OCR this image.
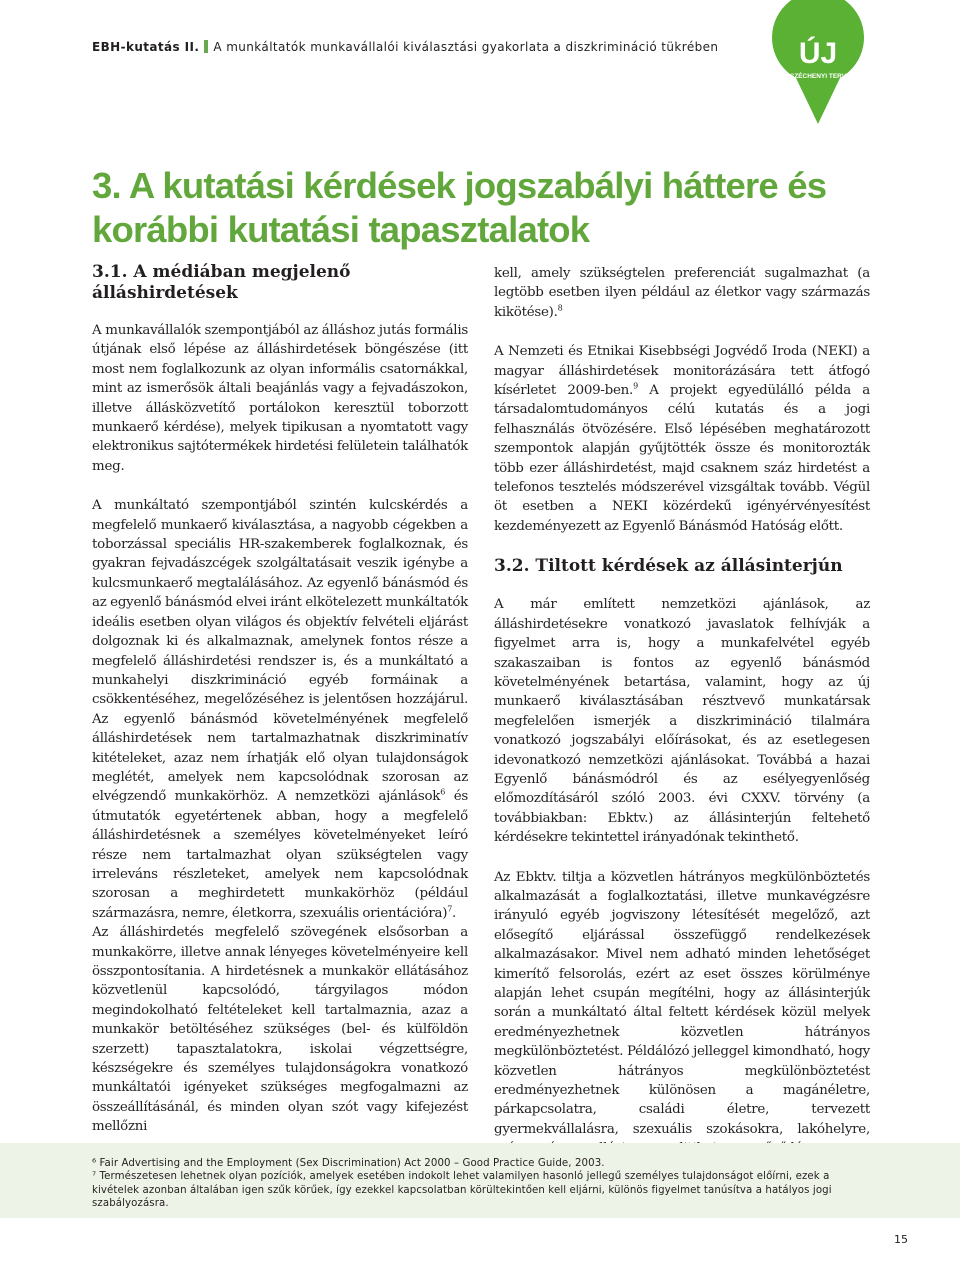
EBH-kutatás II. A munkáltatók munkavállalói kiválasztási gyakorlata a diszkrimináció tükrében	ÚJ
SZÉCHENYI TERV
3. A kutatási kérdések jogszabályi háttere és korábbi kutatási tapasztalatok
3.1. A médiában megjelenő álláshirdetések

A munkavállalók szempontjából az álláshoz jutás formális útjának első lépése az álláshirdetések böngészése (itt most nem foglalkozunk az olyan informális csatornákkal, mint az ismerősök általi beajánlás vagy a fejvadászokon, illetve állásközvetítő portálokon keresztül toborzott munkaerő kérdése), melyek tipikusan a nyomtatott vagy elektronikus sajtótermékek hirdetési felületein találhatók meg.

A munkáltató szempontjából szintén kulcskérdés a megfelelő munkaerő kiválasztása, a nagyobb cégekben a toborzással speciális HR-szakemberek foglalkoznak, és gyakran fejvadászcégek szolgáltatásait veszik igénybe a kulcsmunkaerő megtalálásához. Az egyenlő bánásmód és az egyenlő bánásmód elvei iránt elkötelezett munkáltatók ideális esetben olyan világos és objektív felvételi eljárást dolgoznak ki és alkalmaznak, amelynek fontos része a megfelelő álláshirdetési rendszer is, és a munkáltató a munkahelyi diszkrimináció egyéb formáinak a csökkentéséhez, megelőzéséhez is jelentősen hozzájárul. Az egyenlő bánásmód követelményének megfelelő álláshirdetések nem tartalmazhatnak diszkriminatív kitételeket, azaz nem írhatják elő olyan tulajdonságok meglétét, amelyek nem kapcsolódnak szorosan az elvégzendő munkakörhöz. A nemzetközi ajánlások$^6$ és útmutatók egyetértenek abban, hogy a megfelelő álláshirdetésnek a személyes követelményeket leíró része nem tartalmazhat olyan szükségtelen vagy irreleváns részleteket, amelyek nem kapcsolódnak szorosan a meghirdetett munkakörhöz (például származásra, nemre, életkorra, szexuális orientációra)$^7$.

Az álláshirdetés megfelelő szövegének elsősorban a munkakörre, illetve annak lényeges követelményeire kell összpontosítania. A hirdetésnek a munkakör ellátásához közvetlenül kapcsolódó, tárgyilagos módon megindokolható feltételeket kell tartalmaznia, azaz a munkakör betöltéséhez szükséges (bel- és külföldön szerzett) tapasztalatokra, iskolai végzettségre, készségekre és személyes tulajdonságokra vonatkozó munkáltatói igényeket szükséges megfogalmazni az összeállításánál, és minden olyan szót vagy kifejezést mellőzni

kell, amely szükségtelen preferenciát sugalmazhat (a legtöbb esetben ilyen például az életkor vagy származás kikötése).$^8$

A Nemzeti és Etnikai Kisebbségi Jogvédő Iroda (NEKI) a magyar álláshirdetések monitorázására tett átfogó kísérletet 2009-ben.$^9$ A projekt egyedülálló példa a társadalomtudományos célú kutatás és a jogi felhasználás ötvözésére. Első lépésében meghatározott szempontok alapján gyűjtötték össze és monitorozták több ezer álláshirdetést, majd csaknem száz hirdetést a telefonos tesztelés módszerével vizsgáltak tovább. Végül öt esetben a NEKI közérdekű igényérvényesítést kezdeményezett az Egyenlő Bánásmód Hatóság előtt.

3.2. Tiltott kérdések az állásinterjún

A már említett nemzetközi ajánlások, az álláshirdetésekre vonatkozó javaslatok felhívják a figyelmet arra is, hogy a munkafelvétel egyéb szakaszaiban is fontos az egyenlő bánásmód követelményének betartása, valamint, hogy az új munkaerő kiválasztásában résztvevő munkatársak megfelelően ismerjék a diszkrimináció tilalmára vonatkozó jogszabályi előírásokat, és az esetlegesen idevonatkozó nemzetközi ajánlásokat. Továbbá a hazai Egyenlő bánásmódról és az esélyegyenlőség előmozdításáról szóló 2003. évi CXXV. törvény (a továbbiakban: Ebktv.) az állásinterjún feltehető kérdésekre tekintettel irányadónak tekinthető.

Az Ebktv. tiltja a közvetlen hátrányos megkülönböztetés alkalmazását a foglalkoztatási, illetve munkavégzésre irányuló egyéb jogviszony létesítését megelőző, azt elősegítő eljárással összefüggő rendelkezések alkalmazásakor. Mivel nem adható minden lehetőséget kimerítő felsorolás, ezért az eset összes körülménye alapján lehet csupán megítélni, hogy az állásinterjúk során a munkáltató által feltett kérdések közül melyek eredményezhetnek közvetlen hátrányos megkülönböztetést. Példálózó jelleggel kimondható, hogy közvetlen hátrányos megkülönböztetést eredményezhetnek különösen a magánéletre, párkapcsolatra, családi életre, tervezett gyermekvállalásra, szexuális szokásokra, lakóhelyre,

⁶ Fair Advertising and the Employment (Sex Discrimination) Act 2000 – Good Practice Guide, 2003.
⁷ Természetesen lehetnek olyan pozíciók, amelyek esetében indokolt lehet valamilyen hasonló jellegű személyes tulajdonságot előírni, ezek a kivételek azonban általában igen szűk körűek, így ezekkel kapcsolatban körültekintően kell eljárni, különös figyelmet tanúsítva a hatályos jogi szabályozásra.
15
